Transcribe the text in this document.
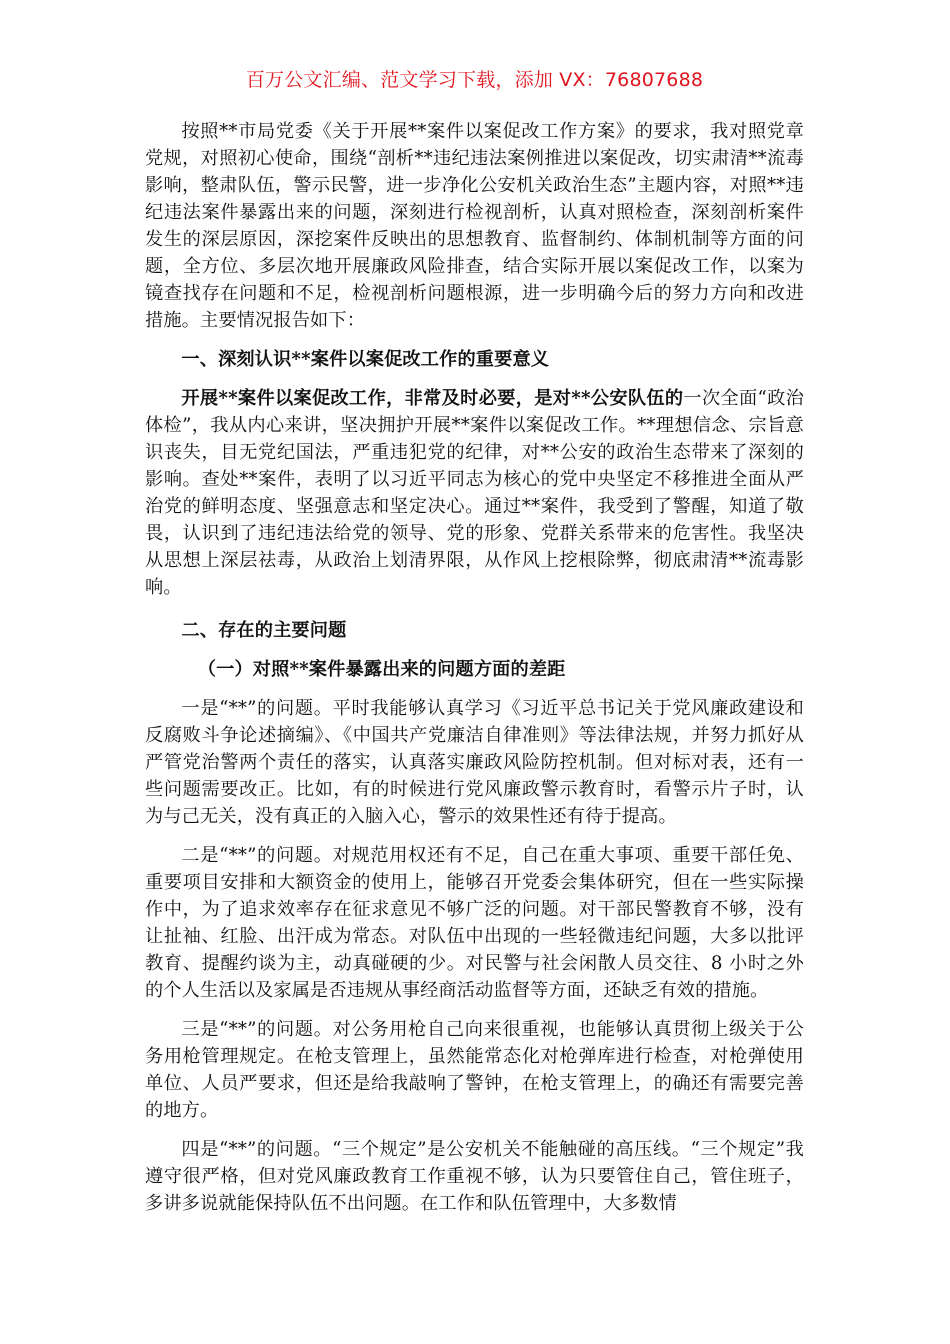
百万公文汇编、范文学习下载，添加 VX：76807688

按照**市局党委《关于开展**案件以案促改工作方案》的要求，我对照党章党规，对照初心使命，围绕“剖析**违纪违法案例推进以案促改，切实肃清**流毒影响，整肃队伍，警示民警，进一步净化公安机关政治生态”主题内容，对照**违纪违法案件暴露出来的问题，深刻进行检视剖析，认真对照检查，深刻剖析案件发生的深层原因，深挖案件反映出的思想教育、监督制约、体制机制等方面的问题，全方位、多层次地开展廉政风险排查，结合实际开展以案促改工作，以案为镜查找存在问题和不足，检视剖析问题根源，进一步明确今后的努力方向和改进措施。主要情况报告如下：

一、深刻认识**案件以案促改工作的重要意义

开展**案件以案促改工作，非常及时必要，是对**公安队伍的一次全面“政治体检”，我从内心来讲，坚决拥护开展**案件以案促改工作。**理想信念、宗旨意识丧失，目无党纪国法，严重违犯党的纪律，对**公安的政治生态带来了深刻的影响。查处**案件，表明了以习近平同志为核心的党中央坚定不移推进全面从严治党的鲜明态度、坚强意志和坚定决心。通过**案件，我受到了警醒，知道了敬畏，认识到了违纪违法给党的领导、党的形象、党群关系带来的危害性。我坚决从思想上深层祛毒，从政治上划清界限，从作风上挖根除弊，彻底肃清**流毒影响。

二、存在的主要问题

（一）对照**案件暴露出来的问题方面的差距

一是“**”的问题。平时我能够认真学习《习近平总书记关于党风廉政建设和反腐败斗争论述摘编》、《中国共产党廉洁自律准则》等法律法规，并努力抓好从严管党治警两个责任的落实，认真落实廉政风险防控机制。但对标对表，还有一些问题需要改正。比如，有的时候进行党风廉政警示教育时，看警示片子时，认为与己无关，没有真正的入脑入心，警示的效果性还有待于提高。

二是“**”的问题。对规范用权还有不足，自己在重大事项、重要干部任免、重要项目安排和大额资金的使用上，能够召开党委会集体研究，但在一些实际操作中，为了追求效率存在征求意见不够广泛的问题。对干部民警教育不够，没有让扯袖、红脸、出汗成为常态。对队伍中出现的一些轻微违纪问题，大多以批评教育、提醒约谈为主，动真碰硬的少。对民警与社会闲散人员交往、8 小时之外的个人生活以及家属是否违规从事经商活动监督等方面，还缺乏有效的措施。

三是“**”的问题。对公务用枪自己向来很重视，也能够认真贯彻上级关于公务用枪管理规定。在枪支管理上，虽然能常态化对枪弹库进行检查，对枪弹使用单位、人员严要求，但还是给我敲响了警钟，在枪支管理上，的确还有需要完善的地方。

四是“**”的问题。“三个规定”是公安机关不能触碰的高压线。“三个规定”我遵守很严格，但对党风廉政教育工作重视不够，认为只要管住自己，管住班子，多讲多说就能保持队伍不出问题。在工作和队伍管理中，大多数情
